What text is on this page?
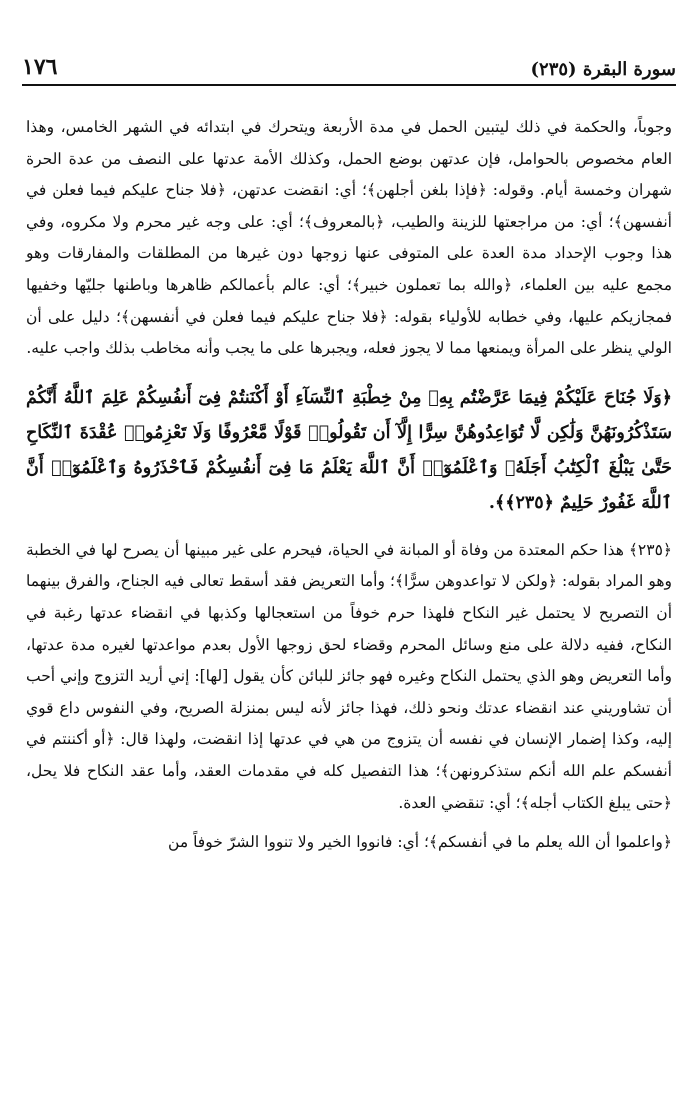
١٧٦	سورة البقرة (٢٣٥)

وجوباً، والحكمة في ذلك ليتبين الحمل في مدة الأربعة ويتحرك في ابتدائه في الشهر الخامس، وهذا العام مخصوص بالحوامل، فإن عدتهن بوضع الحمل، وكذلك الأمة عدتها على النصف من عدة الحرة شهران وخمسة أيام. وقوله: ﴿فإذا بلغن أجلهن﴾؛ أي: انقضت عدتهن، ﴿فلا جناح عليكم فيما فعلن في أنفسهن﴾؛ أي: من مراجعتها للزينة والطيب، ﴿بالمعروف﴾؛ أي: على وجه غير محرم ولا مكروه، وفي هذا وجوب الإحداد مدة العدة على المتوفى عنها زوجها دون غيرها من المطلقات والمفارقات وهو مجمع عليه بين العلماء، ﴿والله بما تعملون خبير﴾؛ أي: عالم بأعمالكم ظاهرها وباطنها جليّها وخفيها فمجازيكم عليها، وفي خطابه للأولياء بقوله: ﴿فلا جناح عليكم فيما فعلن في أنفسهن﴾؛ دليل على أن الولي ينظر على المرأة ويمنعها مما لا يجوز فعله، ويجبرها على ما يجب وأنه مخاطب بذلك واجب عليه.

﴿وَلَا جُنَاحَ عَلَيْكُمْ فِيمَا عَرَّضْتُم بِهِۦ مِنْ خِطْبَةِ ٱلنِّسَآءِ أَوْ أَكْنَنتُمْ فِىٓ أَنفُسِكُمْ عَلِمَ ٱللَّهُ أَنَّكُمْ سَتَذْكُرُونَهُنَّ وَلَٰكِن لَّا تُوَاعِدُوهُنَّ سِرًّا إِلَّآ أَن تَقُولُوا۟ قَوْلًا مَّعْرُوفًا وَلَا تَعْزِمُوا۟ عُقْدَةَ ٱلنِّكَاحِ حَتَّىٰ يَبْلُغَ ٱلْكِتَٰبُ أَجَلَهُۥ وَٱعْلَمُوٓا۟ أَنَّ ٱللَّهَ يَعْلَمُ مَا فِىٓ أَنفُسِكُمْ فَٱحْذَرُوهُ وَٱعْلَمُوٓا۟ أَنَّ ٱللَّهَ غَفُورٌ حَلِيمٌ ﴿٢٣٥﴾﴾.

﴿٢٣٥﴾ هذا حكم المعتدة من وفاة أو المبانة في الحياة، فيحرم على غير مبينها أن يصرح لها في الخطبة وهو المراد بقوله: ﴿ولكن لا تواعدوهن سرًّا﴾؛ وأما التعريض فقد أسقط تعالى فيه الجناح، والفرق بينهما أن التصريح لا يحتمل غير النكاح فلهذا حرم خوفاً من استعجالها وكذبها في انقضاء عدتها رغبة في النكاح، ففيه دلالة على منع وسائل المحرم وقضاء لحق زوجها الأول بعدم مواعدتها لغيره مدة عدتها، وأما التعريض وهو الذي يحتمل النكاح وغيره فهو جائز للبائن كأن يقول [لها]: إني أريد التزوج وإني أحب أن تشاوريني عند انقضاء عدتك ونحو ذلك، فهذا جائز لأنه ليس بمنزلة الصريح، وفي النفوس داع قوي إليه، وكذا إضمار الإنسان في نفسه أن يتزوج من هي في عدتها إذا انقضت، ولهذا قال: ﴿أو أكننتم في أنفسكم علم الله أنكم ستذكرونهن﴾؛ هذا التفصيل كله في مقدمات العقد، وأما عقد النكاح فلا يحل، ﴿حتى يبلغ الكتاب أجله﴾؛ أي: تنقضي العدة.

﴿واعلموا أن الله يعلم ما في أنفسكم﴾؛ أي: فانووا الخير ولا تنووا الشرّ خوفاً من
